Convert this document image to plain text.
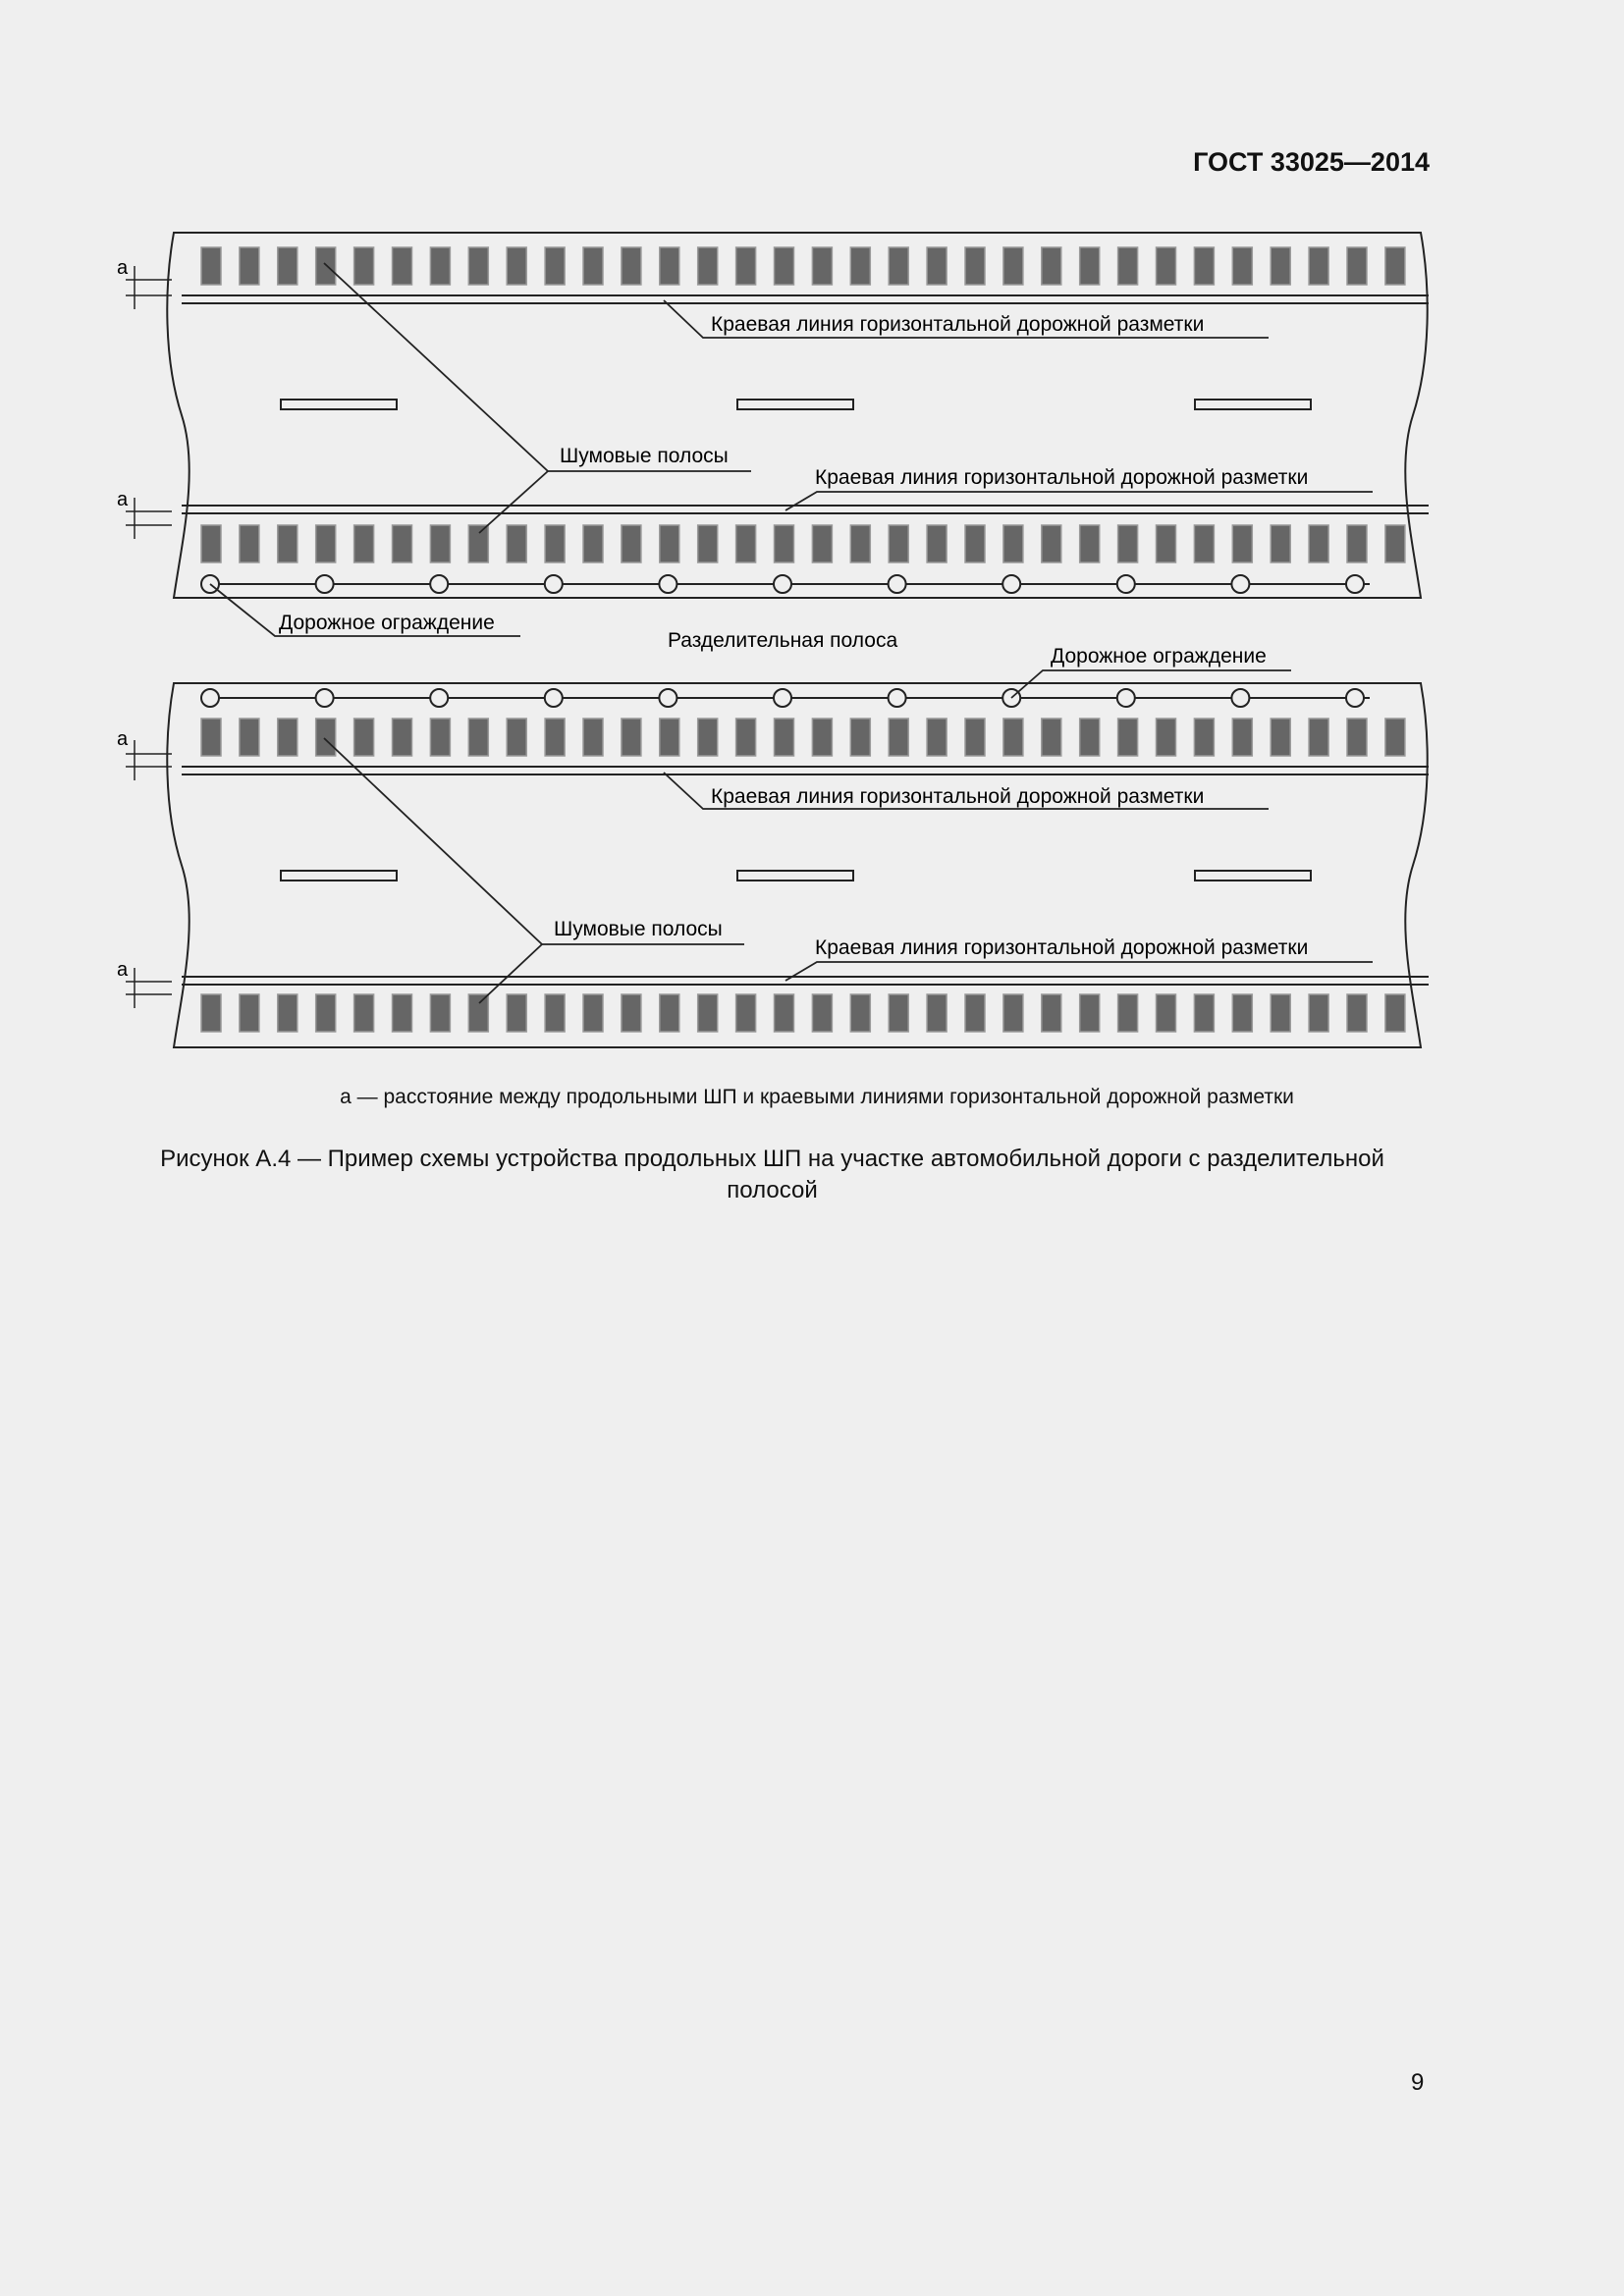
ГОСТ 33025—2014
Краевая линия горизонтальной дорожной разметки
Шумовые полосы
Краевая линия горизонтальной дорожной разметки
Дорожное ограждение
Разделительная полоса
Дорожное ограждение
Краевая линия горизонтальной дорожной разметки
Шумовые полосы
Краевая линия горизонтальной дорожной разметки
a
a
a
a
а — расстояние между продольными ШП и краевыми линиями горизонтальной дорожной разметки
Рисунок А.4 — Пример схемы устройства продольных ШП на участке автомобильной дороги с разделительной
полосой
9
